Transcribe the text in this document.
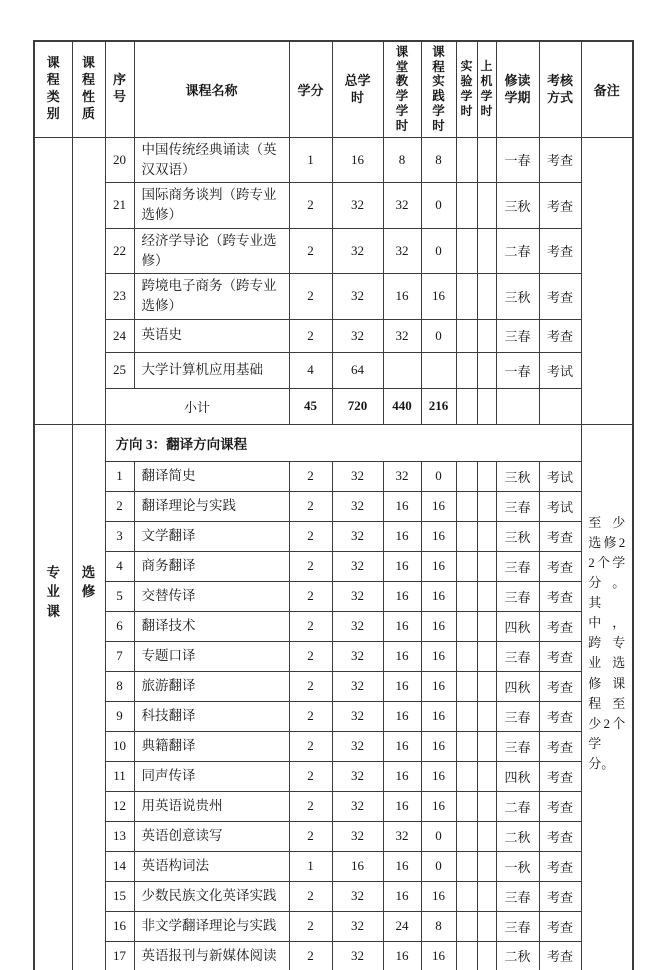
课程类别	课程性质	序号	课程名称	学分	总学时	课堂教学学时	课程实践学时	实验学时	上机学时	修读学期	考核方式	备注
		20	中国传统经典诵读（英汉双语）	1	16	8	8			一春	考查	
		21	国际商务谈判（跨专业选修）	2	32	32	0			三秋	考查	
		22	经济学导论（跨专业选修）	2	32	32	0			二春	考查	
		23	跨境电子商务（跨专业选修）	2	32	16	16			三秋	考查	
		24	英语史	2	32	32	0			三春	考查	
		25	大学计算机应用基础	4	64					一春	考试	
		小计		45	720	440	216					
专业课	选修	方向 3：翻译方向课程										至少选修22个学分。其中，跨专业选修课程至少2个学分。
		1	翻译简史	2	32	32	0			三秋	考试	
		2	翻译理论与实践	2	32	16	16			三春	考试	
		3	文学翻译	2	32	16	16			三秋	考查	
		4	商务翻译	2	32	16	16			三春	考查	
		5	交替传译	2	32	16	16			三春	考查	
		6	翻译技术	2	32	16	16			四秋	考查	
		7	专题口译	2	32	16	16			三春	考查	
		8	旅游翻译	2	32	16	16			四秋	考查	
		9	科技翻译	2	32	16	16			三春	考查	
		10	典籍翻译	2	32	16	16			三春	考查	
		11	同声传译	2	32	16	16			四秋	考查	
		12	用英语说贵州	2	32	16	16			二春	考查	
		13	英语创意读写	2	32	32	0			二秋	考查	
		14	英语构词法	1	16	16	0			一秋	考查	
		15	少数民族文化英译实践	2	32	16	16			三春	考查	
		16	非文学翻译理论与实践	2	32	24	8			三春	考查	
		17	英语报刊与新媒体阅读	2	32	16	16			二秋	考查	
